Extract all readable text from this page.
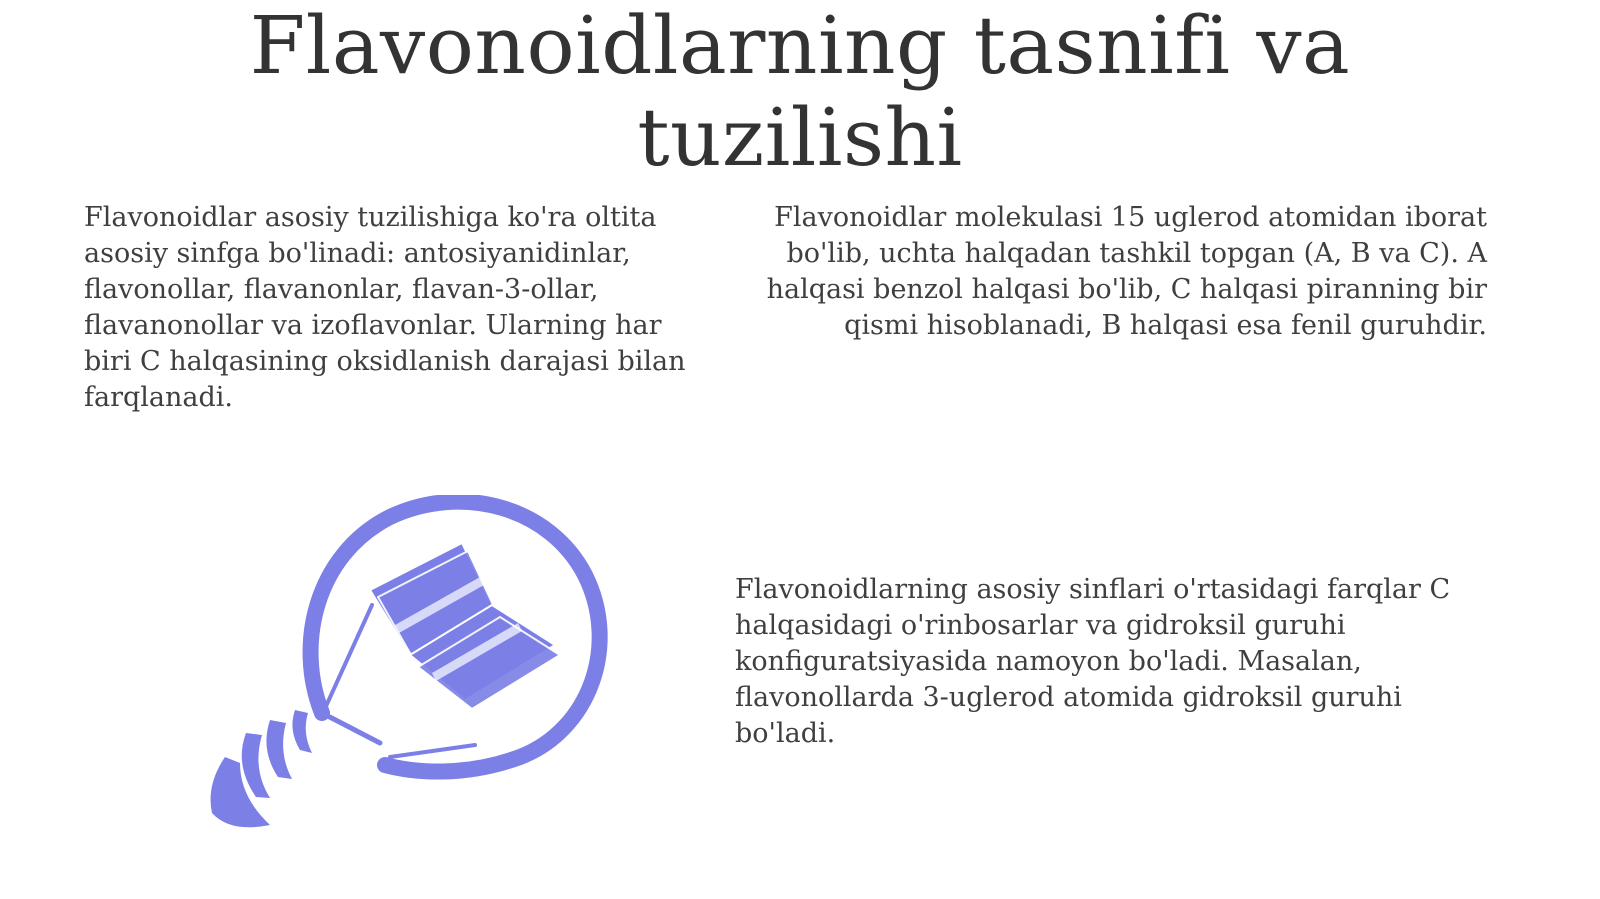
Flavonoidlarning tasnifi va tuzilishi

Flavonoidlar asosiy tuzilishiga ko'ra oltita asosiy sinfga bo'linadi: antosiyanidinlar, flavonollar, flavanonlar, flavan-3-ollar, flavanonollar va izoflavonlar. Ularning har biri C halqasining oksidlanish darajasi bilan farqlanadi.

Flavonoidlar molekulasi 15 uglerod atomidan iborat bo'lib, uchta halqadan tashkil topgan (A, B va C). A halqasi benzol halqasi bo'lib, C halqasi piranning bir qismi hisoblanadi, B halqasi esa fenil guruhdir.

Flavonoidlarning asosiy sinflari o'rtasidagi farqlar C halqasidagi o'rinbosarlar va gidroksil guruhi konfiguratsiyasida namoyon bo'ladi. Masalan, flavonollarda 3-uglerod atomida gidroksil guruhi bo'ladi.
